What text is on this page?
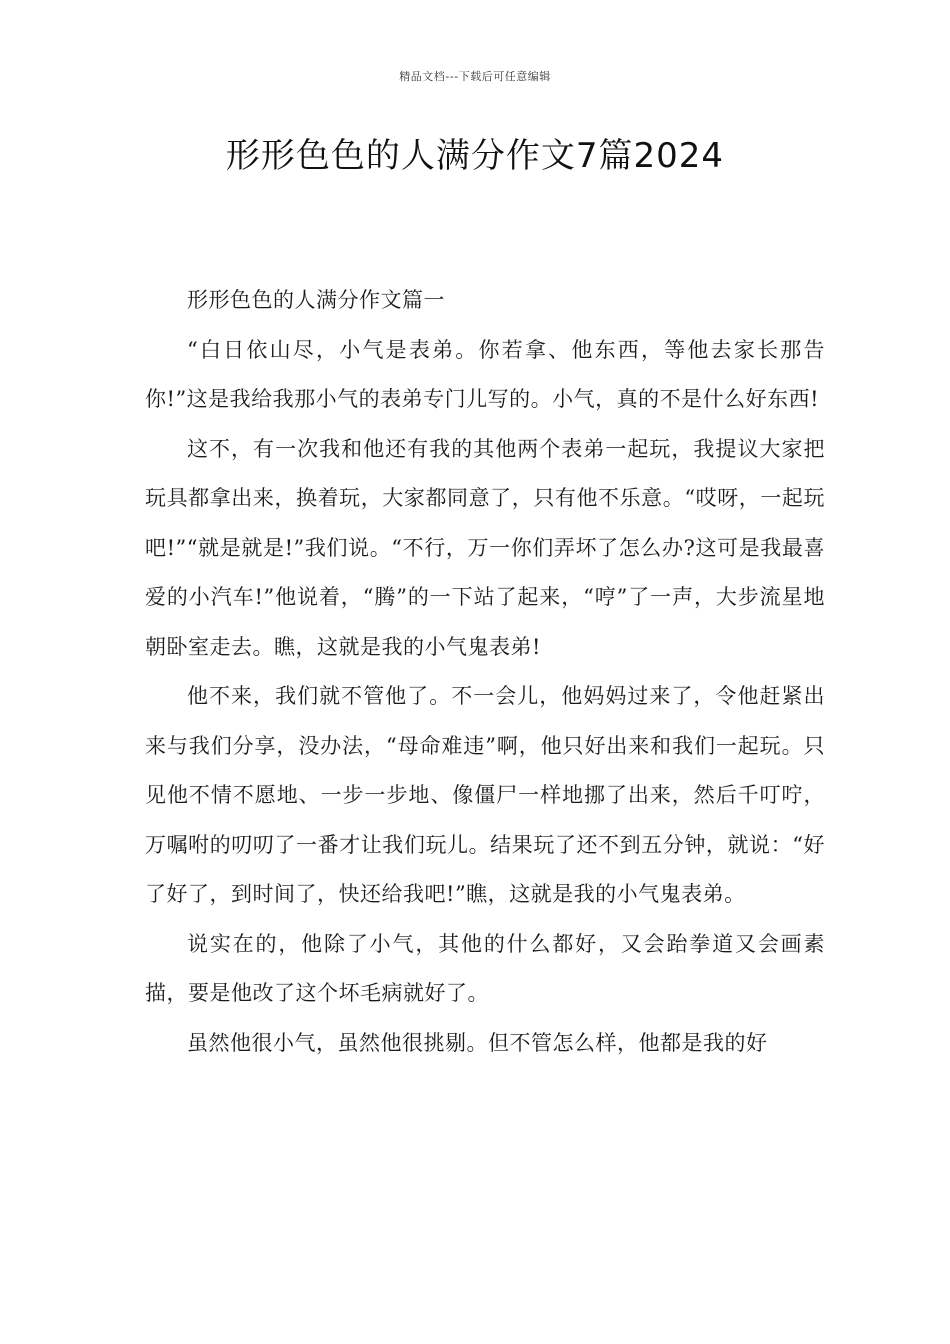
精品文档---下载后可任意编辑
形形色色的人满分作文7篇2024

形形色色的人满分作文篇一

“白日依山尽，小气是表弟。你若拿、他东西，等他去家长那告你!”这是我给我那小气的表弟专门儿写的。小气，真的不是什么好东西!

这不，有一次我和他还有我的其他两个表弟一起玩，我提议大家把玩具都拿出来，换着玩，大家都同意了，只有他不乐意。“哎呀，一起玩吧!”“就是就是!”我们说。“不行，万一你们弄坏了怎么办?这可是我最喜爱的小汽车!”他说着，“腾”的一下站了起来，“哼”了一声，大步流星地朝卧室走去。瞧，这就是我的小气鬼表弟!

他不来，我们就不管他了。不一会儿，他妈妈过来了，令他赶紧出来与我们分享，没办法，“母命难违”啊，他只好出来和我们一起玩。只见他不情不愿地、一步一步地、像僵尸一样地挪了出来，然后千叮咛，万嘱咐的叨叨了一番才让我们玩儿。结果玩了还不到五分钟，就说：“好了好了，到时间了，快还给我吧!”瞧，这就是我的小气鬼表弟。

说实在的，他除了小气，其他的什么都好，又会跆拳道又会画素描，要是他改了这个坏毛病就好了。

虽然他很小气，虽然他很挑剔。但不管怎么样，他都是我的好
